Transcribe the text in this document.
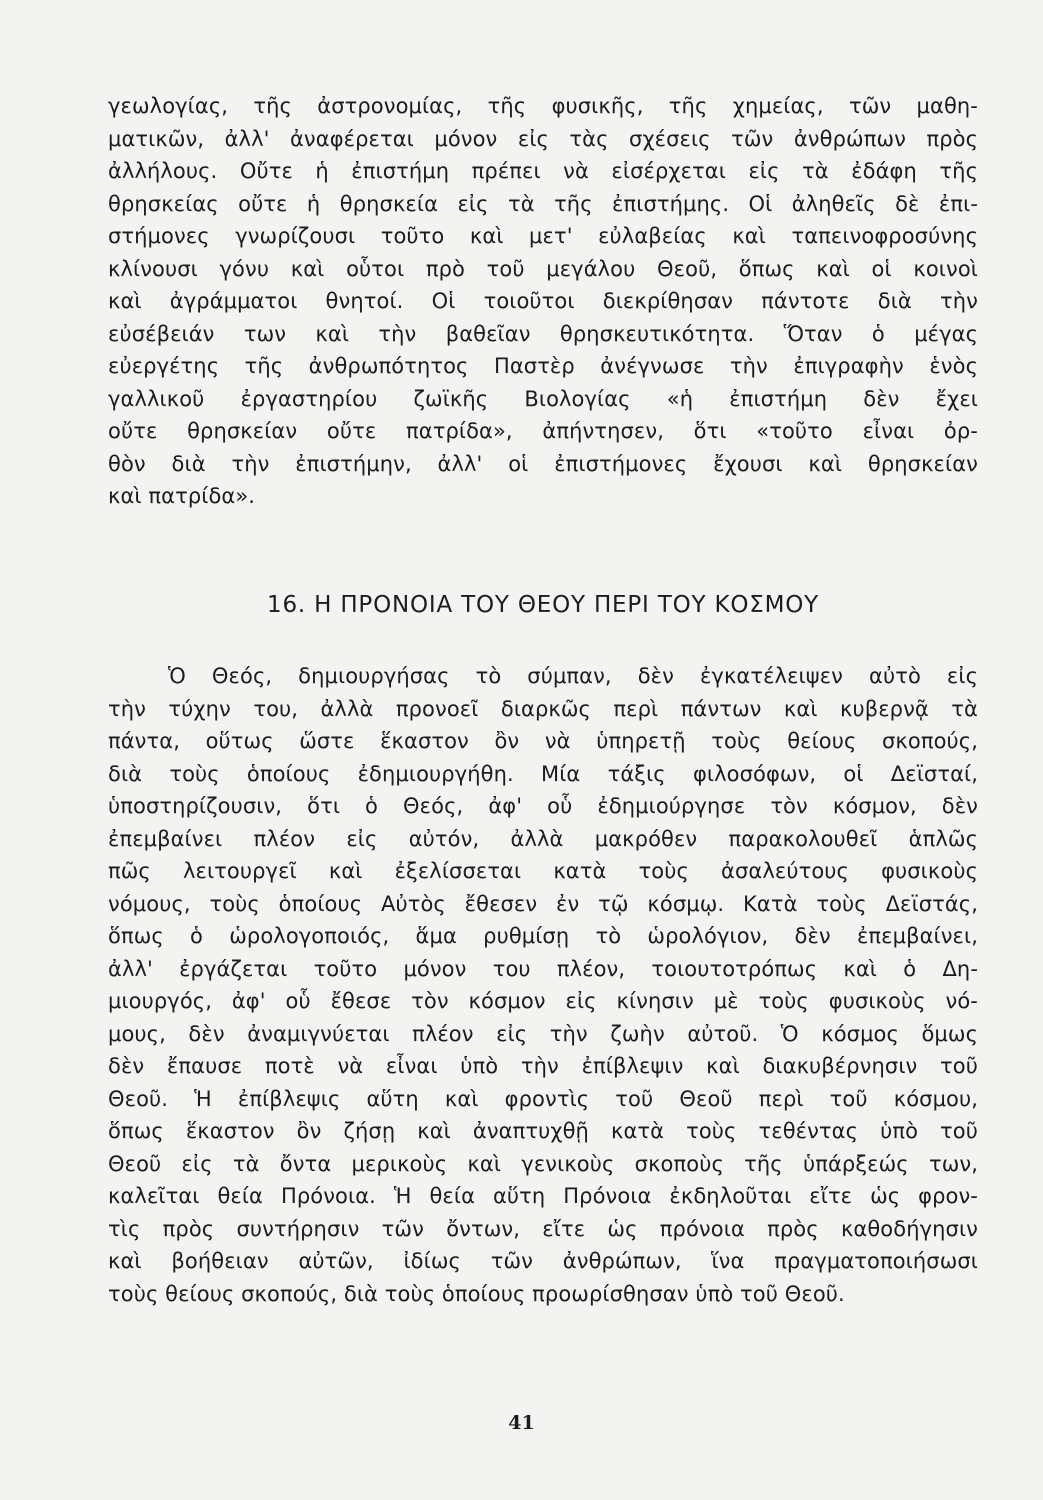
γεωλογίας, τῆς ἀστρονομίας, τῆς φυσικῆς, τῆς χημείας, τῶν μαθη-
ματικῶν, ἀλλ' ἀναφέρεται μόνον εἰς τὰς σχέσεις τῶν ἀνθρώπων πρὸς
ἀλλήλους. Οὔτε ἡ ἐπιστήμη πρέπει νὰ εἰσέρχεται εἰς τὰ ἐδάφη τῆς
θρησκείας οὔτε ἡ θρησκεία εἰς τὰ τῆς ἐπιστήμης. Οἱ ἀληθεῖς δὲ ἐπι-
στήμονες γνωρίζουσι τοῦτο καὶ μετ' εὐλαβείας καὶ ταπεινοφροσύνης
κλίνουσι γόνυ καὶ οὗτοι πρὸ τοῦ μεγάλου Θεοῦ, ὅπως καὶ οἱ κοινοὶ
καὶ ἀγράμματοι θνητοί. Οἱ τοιοῦτοι διεκρίθησαν πάντοτε διὰ τὴν
εὐσέβειάν των καὶ τὴν βαθεῖαν θρησκευτικότητα. Ὅταν ὁ μέγας
εὐεργέτης τῆς ἀνθρωπότητος Παστὲρ ἀνέγνωσε τὴν ἐπιγραφὴν ἑνὸς
γαλλικοῦ ἐργαστηρίου ζωϊκῆς Βιολογίας «ἡ ἐπιστήμη δὲν ἔχει
οὔτε θρησκείαν οὔτε πατρίδα», ἀπήντησεν, ὅτι «τοῦτο εἶναι ὀρ-
θὸν διὰ τὴν ἐπιστήμην, ἀλλ' οἱ ἐπιστήμονες ἔχουσι καὶ θρησκείαν
καὶ πατρίδα».
16. Η ΠΡΟΝΟΙΑ ΤΟΥ ΘΕΟΥ ΠΕΡΙ ΤΟΥ ΚΟΣΜΟΥ
Ὁ Θεός, δημιουργήσας τὸ σύμπαν, δὲν ἐγκατέλειψεν αὐτὸ εἰς
τὴν τύχην του, ἀλλὰ προνοεῖ διαρκῶς περὶ πάντων καὶ κυβερνᾷ τὰ
πάντα, οὕτως ὥστε ἕκαστον ὂν νὰ ὑπηρετῇ τοὺς θείους σκοπούς,
διὰ τοὺς ὁποίους ἐδημιουργήθη. Μία τάξις φιλοσόφων, οἱ Δεϊσταί,
ὑποστηρίζουσιν, ὅτι ὁ Θεός, ἀφ' οὗ ἐδημιούργησε τὸν κόσμον, δὲν
ἐπεμβαίνει πλέον εἰς αὐτόν, ἀλλὰ μακρόθεν παρακολουθεῖ ἁπλῶς
πῶς λειτουργεῖ καὶ ἐξελίσσεται κατὰ τοὺς ἀσαλεύτους φυσικοὺς
νόμους, τοὺς ὁποίους Αὐτὸς ἔθεσεν ἐν τῷ κόσμῳ. Κατὰ τοὺς Δεϊστάς,
ὅπως ὁ ὡρολογοποιός, ἅμα ρυθμίσῃ τὸ ὡρολόγιον, δὲν ἐπεμβαίνει,
ἀλλ' ἐργάζεται τοῦτο μόνον του πλέον, τοιουτοτρόπως καὶ ὁ Δη-
μιουργός, ἀφ' οὗ ἔθεσε τὸν κόσμον εἰς κίνησιν μὲ τοὺς φυσικοὺς νό-
μους, δὲν ἀναμιγνύεται πλέον εἰς τὴν ζωὴν αὐτοῦ. Ὁ κόσμος ὅμως
δὲν ἔπαυσε ποτὲ νὰ εἶναι ὑπὸ τὴν ἐπίβλεψιν καὶ διακυβέρνησιν τοῦ
Θεοῦ. Ἡ ἐπίβλεψις αὕτη καὶ φροντὶς τοῦ Θεοῦ περὶ τοῦ κόσμου,
ὅπως ἕκαστον ὂν ζήσῃ καὶ ἀναπτυχθῇ κατὰ τοὺς τεθέντας ὑπὸ τοῦ
Θεοῦ εἰς τὰ ὄντα μερικοὺς καὶ γενικοὺς σκοποὺς τῆς ὑπάρξεώς των,
καλεῖται θεία Πρόνοια. Ἡ θεία αὕτη Πρόνοια ἐκδηλοῦται εἴτε ὡς φρον-
τὶς πρὸς συντήρησιν τῶν ὄντων, εἴτε ὡς πρόνοια πρὸς καθοδήγησιν
καὶ βοήθειαν αὐτῶν, ἰδίως τῶν ἀνθρώπων, ἵνα πραγματοποιήσωσι
τοὺς θείους σκοπούς, διὰ τοὺς ὁποίους προωρίσθησαν ὑπὸ τοῦ Θεοῦ.
41
